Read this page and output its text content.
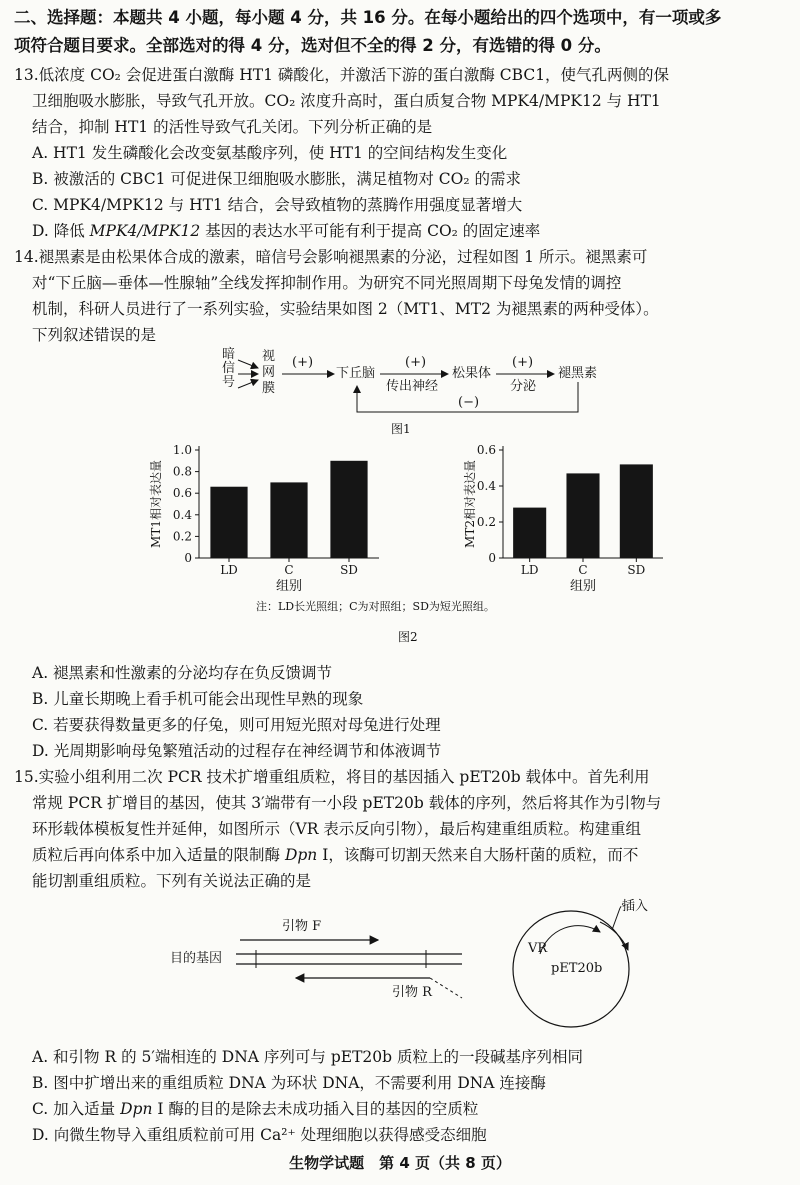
二、选择题：本题共 4 小题，每小题 4 分，共 16 分。在每小题给出的四个选项中，有一项或多
项符合题目要求。全部选对的得 4 分，选对但不全的得 2 分，有选错的得 0 分。

13.低浓度 CO₂ 会促进蛋白激酶 HT1 磷酸化，并激活下游的蛋白激酶 CBC1，使气孔两侧的保

卫细胞吸水膨胀，导致气孔开放。CO₂ 浓度升高时，蛋白质复合物 MPK4/MPK12 与 HT1

结合，抑制 HT1 的活性导致气孔关闭。下列分析正确的是

A. HT1 发生磷酸化会改变氨基酸序列，使 HT1 的空间结构发生变化

B. 被激活的 CBC1 可促进保卫细胞吸水膨胀，满足植物对 CO₂ 的需求

C. MPK4/MPK12 与 HT1 结合，会导致植物的蒸腾作用强度显著增大

D. 降低 MPK4/MPK12 基因的表达水平可能有利于提高 CO₂ 的固定速率

14.褪黑素是由松果体合成的激素，暗信号会影响褪黑素的分泌，过程如图 1 所示。褪黑素可

对“下丘脑—垂体—性腺轴”全线发挥抑制作用。为研究不同光照周期下母兔发情的调控

机制，科研人员进行了一系列实验，实验结果如图 2（MT1、MT2 为褪黑素的两种受体）。

下列叙述错误的是

暗
信
号
视
网
膜
(+)
下丘脑
(+)
传出神经
松果体
(+)
分泌
褪黑素
(−)
图1
0
0.2
0.4
0.6
0.8
1.0
LD	C	SD
组别
MT1相对表达量
0
0.2
0.4
0.6
LD	C	SD
组别
MT2相对表达量
注：LD长光照组；C为对照组；SD为短光照组。
图2

A. 褪黑素和性激素的分泌均存在负反馈调节

B. 儿童长期晚上看手机可能会出现性早熟的现象

C. 若要获得数量更多的仔兔，则可用短光照对母兔进行处理

D. 光周期影响母兔繁殖活动的过程存在神经调节和体液调节

15.实验小组利用二次 PCR 技术扩增重组质粒，将目的基因插入 pET20b 载体中。首先利用

常规 PCR 扩增目的基因，使其 3′端带有一小段 pET20b 载体的序列，然后将其作为引物与

环形载体模板复性并延伸，如图所示（VR 表示反向引物），最后构建重组质粒。构建重组

质粒后再向体系中加入适量的限制酶 Dpn Ⅰ，该酶可切割天然来自大肠杆菌的质粒，而不

能切割重组质粒。下列有关说法正确的是

插入
引物 F
目的基因
引物 R
VR
pET20b

A. 和引物 R 的 5′端相连的 DNA 序列可与 pET20b 质粒上的一段碱基序列相同

B. 图中扩增出来的重组质粒 DNA 为环状 DNA，不需要利用 DNA 连接酶

C. 加入适量 Dpn Ⅰ 酶的目的是除去未成功插入目的基因的空质粒

D. 向微生物导入重组质粒前可用 Ca²⁺ 处理细胞以获得感受态细胞

生物学试题　第 4 页（共 8 页）
